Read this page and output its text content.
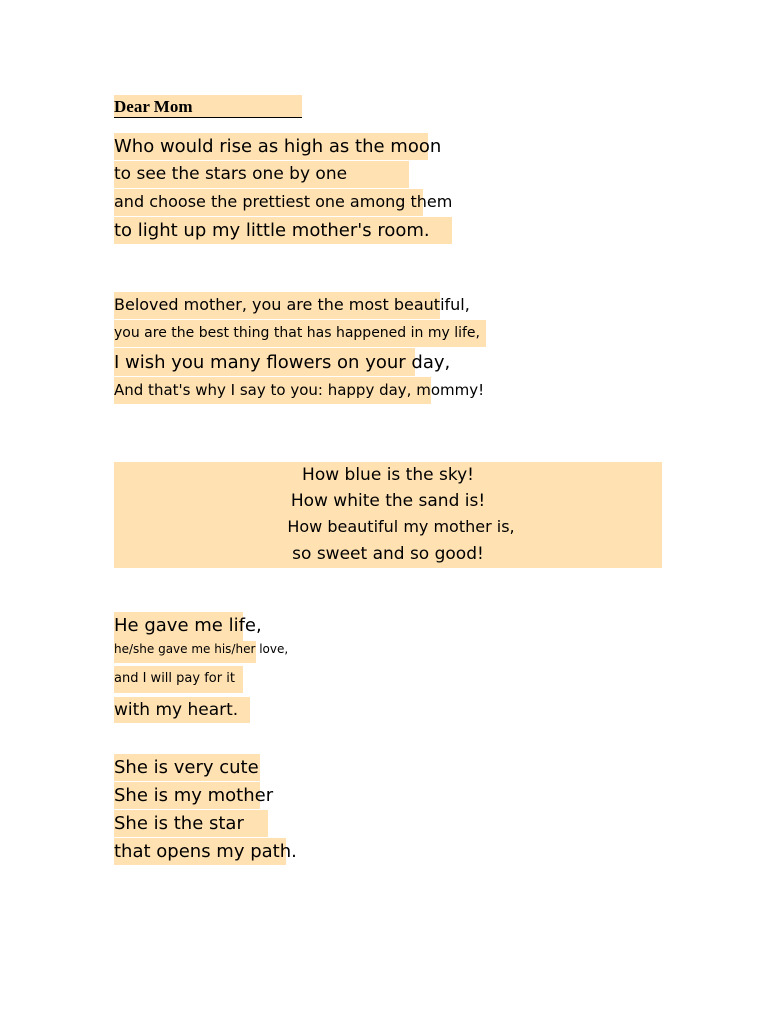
Dear Mom
Who would rise as high as the moon
to see the stars one by one
and choose the prettiest one among them
to light up my little mother's room.
Beloved mother, you are the most beautiful,
you are the best thing that has happened in my life,
I wish you many flowers on your day,
And that's why I say to you: happy day, mommy!
How blue is the sky!
How white the sand is!
How beautiful my mother is,
so sweet and so good!
He gave me life,
he/she gave me his/her love,
and I will pay for it
with my heart.
She is very cute
She is my mother
She is the star
that opens my path.
